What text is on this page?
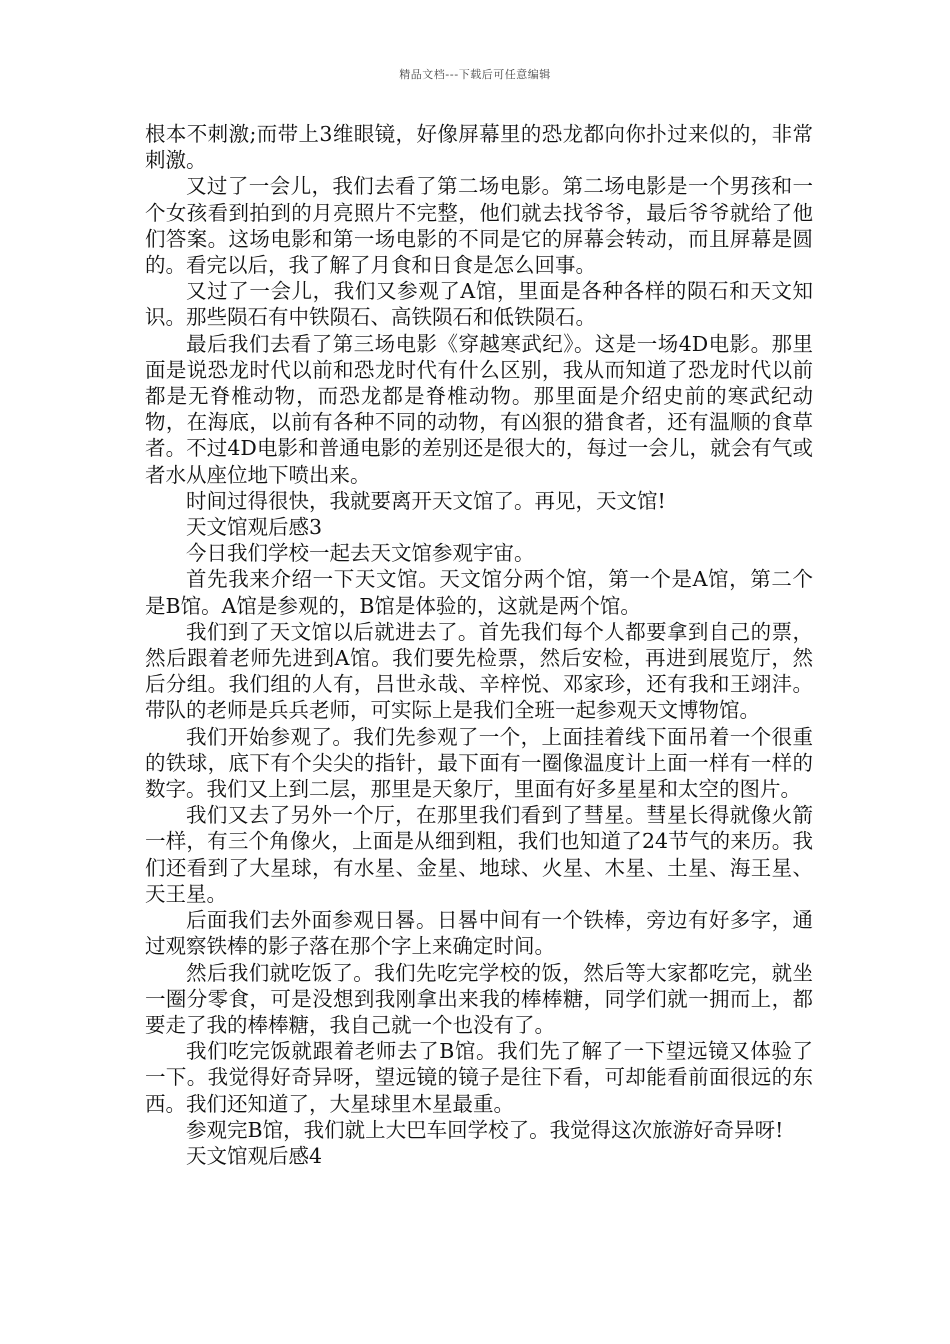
精品文档---下载后可任意编辑

根本不刺激;而带上3维眼镜，好像屏幕里的恐龙都向你扑过来似的，非常刺激。

又过了一会儿，我们去看了第二场电影。第二场电影是一个男孩和一个女孩看到拍到的月亮照片不完整，他们就去找爷爷，最后爷爷就给了他们答案。这场电影和第一场电影的不同是它的屏幕会转动，而且屏幕是圆的。看完以后，我了解了月食和日食是怎么回事。

又过了一会儿，我们又参观了A馆，里面是各种各样的陨石和天文知识。那些陨石有中铁陨石、高铁陨石和低铁陨石。

最后我们去看了第三场电影《穿越寒武纪》。这是一场4D电影。那里面是说恐龙时代以前和恐龙时代有什么区别，我从而知道了恐龙时代以前都是无脊椎动物，而恐龙都是脊椎动物。那里面是介绍史前的寒武纪动物，在海底，以前有各种不同的动物，有凶狠的猎食者，还有温顺的食草者。不过4D电影和普通电影的差别还是很大的，每过一会儿，就会有气或者水从座位地下喷出来。

时间过得很快，我就要离开天文馆了。再见，天文馆!

天文馆观后感3

今日我们学校一起去天文馆参观宇宙。

首先我来介绍一下天文馆。天文馆分两个馆，第一个是A馆，第二个是B馆。A馆是参观的，B馆是体验的，这就是两个馆。

我们到了天文馆以后就进去了。首先我们每个人都要拿到自己的票，然后跟着老师先进到A馆。我们要先检票，然后安检，再进到展览厅，然后分组。我们组的人有，吕世永哉、辛梓悦、邓家珍，还有我和王翊沣。带队的老师是兵兵老师，可实际上是我们全班一起参观天文博物馆。

我们开始参观了。我们先参观了一个，上面挂着线下面吊着一个很重的铁球，底下有个尖尖的指针，最下面有一圈像温度计上面一样有一样的数字。我们又上到二层，那里是天象厅，里面有好多星星和太空的图片。

我们又去了另外一个厅，在那里我们看到了彗星。彗星长得就像火箭一样，有三个角像火，上面是从细到粗，我们也知道了24节气的来历。我们还看到了大星球，有水星、金星、地球、火星、木星、土星、海王星、天王星。

后面我们去外面参观日晷。日晷中间有一个铁棒，旁边有好多字，通过观察铁棒的影子落在那个字上来确定时间。

然后我们就吃饭了。我们先吃完学校的饭，然后等大家都吃完，就坐一圈分零食，可是没想到我刚拿出来我的棒棒糖，同学们就一拥而上，都要走了我的棒棒糖，我自己就一个也没有了。

我们吃完饭就跟着老师去了B馆。我们先了解了一下望远镜又体验了一下。我觉得好奇异呀，望远镜的镜子是往下看，可却能看前面很远的东西。我们还知道了，大星球里木星最重。

参观完B馆，我们就上大巴车回学校了。我觉得这次旅游好奇异呀!

天文馆观后感4
